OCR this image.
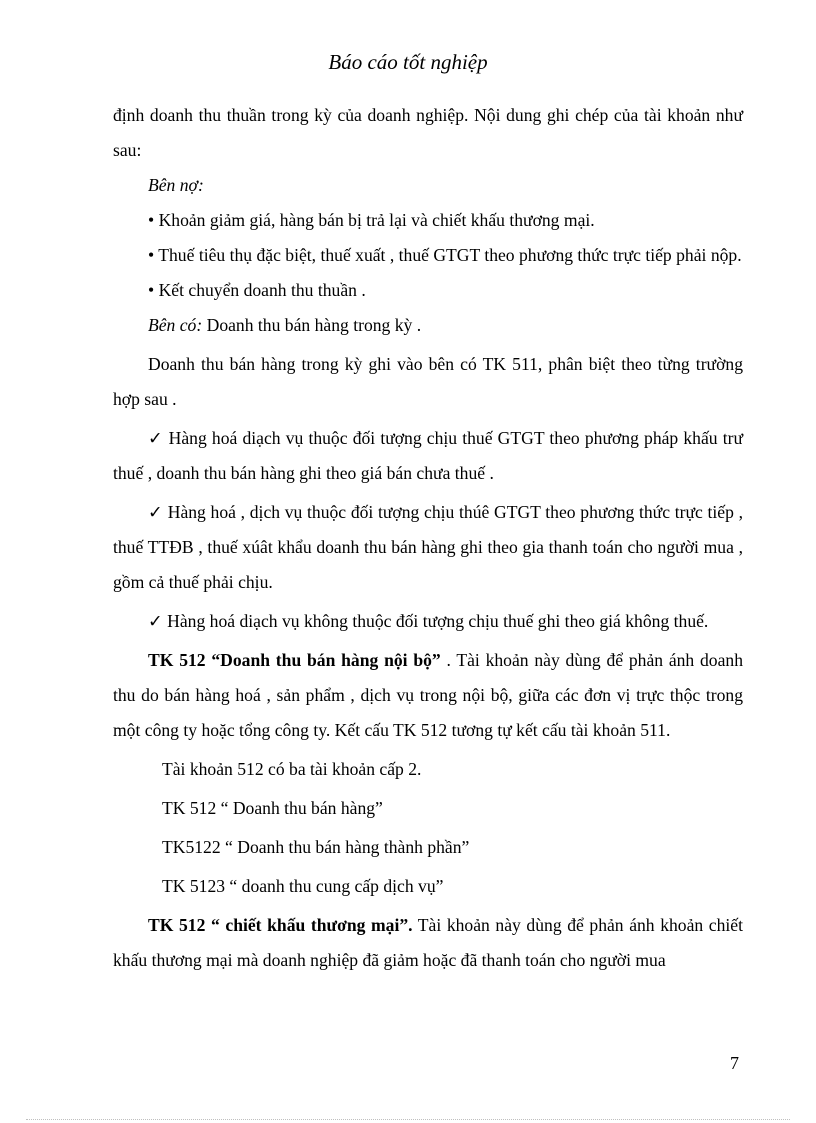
Báo cáo tốt nghiệp

định doanh thu thuần trong kỳ của doanh nghiệp. Nội dung ghi chép của tài khoản như sau:

Bên nợ:

• Khoản giảm giá, hàng bán bị trả lại và chiết khấu thương mại.

• Thuế tiêu thụ đặc biệt, thuế xuất , thuế GTGT theo phương thức trực tiếp phải nộp.

• Kết chuyển doanh thu thuần .

Bên có: Doanh thu bán hàng trong kỳ .

Doanh thu bán hàng trong kỳ ghi vào bên có TK 511, phân biệt theo từng trường hợp sau .

✓ Hàng hoá diạch vụ thuộc đối tượng chịu thuế GTGT theo phương pháp khấu trư thuế , doanh thu bán hàng ghi theo giá bán chưa thuế .

✓ Hàng hoá , dịch vụ thuộc đối tượng chịu thúê GTGT theo phương thức trực tiếp , thuế TTĐB , thuế xúât khẩu doanh thu bán hàng ghi theo gia thanh toán cho người mua , gồm cả thuế phải chịu.

✓ Hàng hoá diạch vụ không thuộc đối tượng chịu thuế ghi theo giá không thuế.

TK 512 “Doanh thu bán hàng nội bộ” . Tài khoản này dùng để phản ánh doanh thu do bán hàng hoá , sản phẩm , dịch vụ trong nội bộ, giữa các đơn vị trực thộc trong một công ty hoặc tổng công ty. Kết cấu TK 512 tương tự kết cấu tài khoản 511.

Tài khoản 512 có ba tài khoản cấp 2.

TK 512 “ Doanh thu bán hàng”

TK5122 “ Doanh thu bán hàng thành phần”

TK 5123 “ doanh thu cung cấp dịch vụ”

TK 512 “ chiết khấu thương mại”. Tài khoản này dùng để phản ánh khoản chiết khấu thương mại mà doanh nghiệp đã giảm hoặc đã thanh toán cho người mua

7
